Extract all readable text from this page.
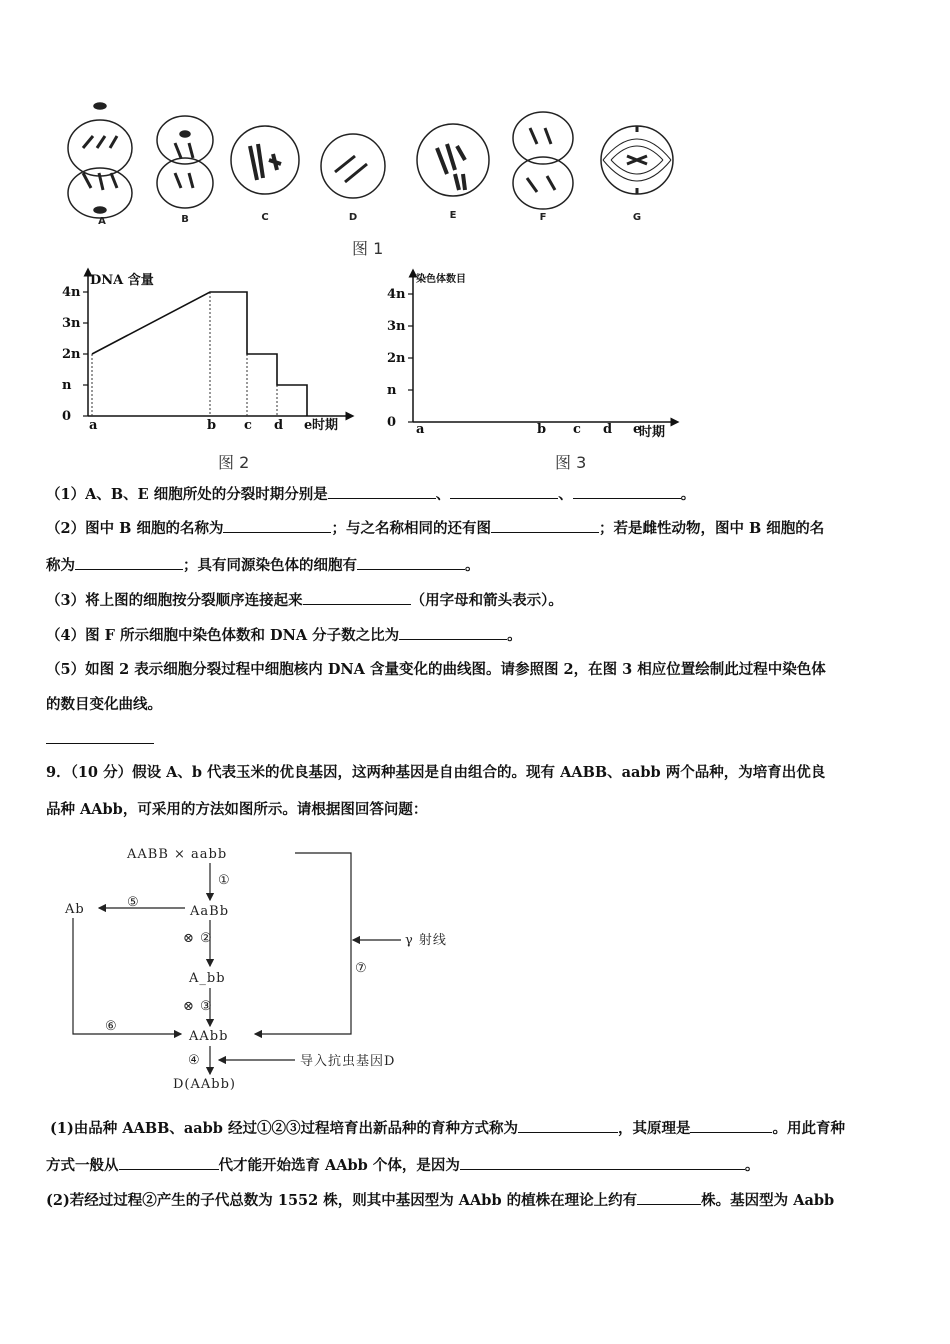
A	B	C	D	E	F	G
图 1
DNA 含量
4n
3n
2n
n
0
a	b c d e 时期
图 2
染色体数目
4n
3n
2n
n
0 a	b c d e
时期
图 3
（1）A、B、E 细胞所处的分裂时期分别是	、	、	。
（2）图中 B 细胞的名称为	；与之名称相同的还有图	；若是雌性动物，图中 B 细胞的名
称为	；具有同源染色体的细胞有	。
（3）将上图的细胞按分裂顺序连接起来	（用字母和箭头表示）。
（4）图 F 所示细胞中染色体数和 DNA 分子数之比为	。
（5）如图 2 表示细胞分裂过程中细胞核内 DNA 含量变化的曲线图。请参照图 2，在图 3 相应位置绘制此过程中染色体
的数目变化曲线。
9．（10 分）假设 A、b 代表玉米的优良基因，这两种基因是自由组合的。现有 AABB、aabb 两个品种，为培育出优良
品种 AAbb，可采用的方法如图所示。请根据图回答问题：
AABB × aabb
AaBb
A_bb
AAbb
Ab
D(AAbb)
①
⊗ ②
⊗ ③
④
⑤
⑥
⑦
γ 射线
导入抗虫基因D
(1)由品种 AABB、aabb 经过①②③过程培育出新品种的育种方式称为	，其原理是	。用此育种
方式一般从	代才能开始选育 AAbb 个体，是因为	。
(2)若经过过程②产生的子代总数为 1552 株，则其中基因型为 AAbb 的植株在理论上约有	株。基因型为 Aabb
